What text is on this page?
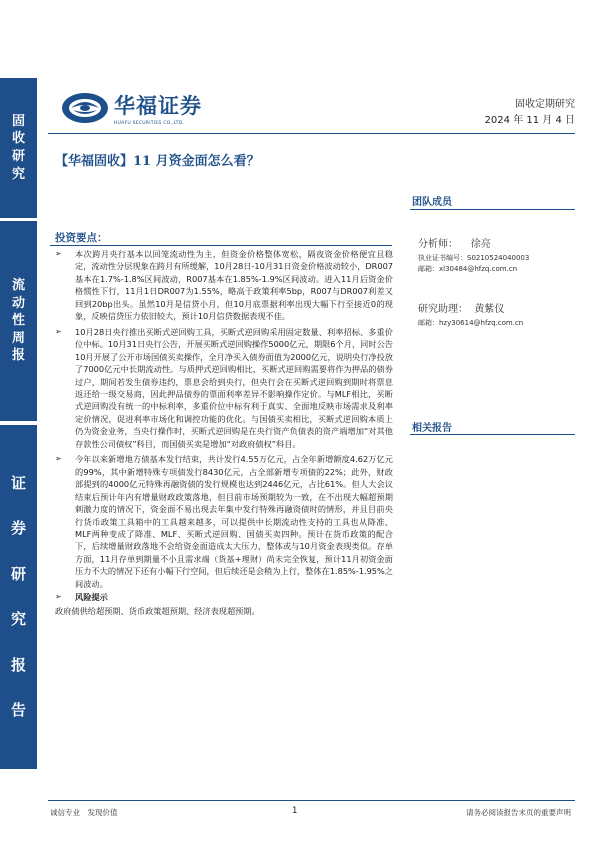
固
收
研
究
流
动
性
周
报
证
券
研
究
报
告
华福证券
HUAFU SECURITIES CO.,LTD.
固收定期研究
2024 年 11 月 4 日
【华福固收】11 月资金面怎么看？
团队成员
分析师： 徐亮
执业证书编号：S0210524040003
邮箱：xl30484@hfzq.com.cn
研究助理： 黄紫仪
邮箱：hzy30614@hfzq.com.cn
相关报告
投资要点：
➢	本次跨月央行基本以回笼流动性为主，但资金价格整体宽松，隔夜资金价格便宜且稳定，流动性分层现象在跨月有所缓解，10月28日-10月31日资金价格波动较小，DR007基本在1.7%-1.8%区间波动，R007基本在1.85%-1.9%区间波动。进入11月后资金价格惯性下行，11月1日DR007为1.55%，略高于政策利率5bp，R007与DR007利差又回到20bp出头。虽然10月是信贷小月，但10月底票据利率出现大幅下行至接近0的现象，反映信贷压力依旧较大，预计10月信贷数据表现不佳。
➢	10月28日央行推出买断式逆回购工具，买断式逆回购采用固定数量、利率招标、多重价位中标。10月31日央行公告，开展买断式逆回购操作5000亿元，期限6个月，同时公告10月开展了公开市场国债买卖操作，全月净买入债券面值为2000亿元，说明央行净投放了7000亿元中长期流动性。与质押式逆回购相比，买断式逆回购需要将作为押品的债券过户，期间若发生债券违约，票息会给到央行，但央行会在买断式逆回购到期时将票息返还给一级交易商，因此押品债券的票面利率差异不影响操作定价。与MLF相比，买断式逆回购没有统一的中标利率，多重价位中标有利于真实、全面地反映市场需求及利率定价情况，促进利率市场化和调控功能的优化。与国债买卖相比，买断式逆回购本质上仍为资金业务，当央行操作时，买断式逆回购是在央行资产负债表的资产端增加“对其他存款性公司债权”科目，而国债买卖是增加“对政府债权”科目。
➢	今年以来新增地方债基本发行结束，共计发行4.55万亿元，占全年新增额度4.62万亿元的99%，其中新增特殊专项债发行8430亿元，占全部新增专项债的22%；此外，财政部提到的4000亿元特殊再融资债的发行规模也达到2446亿元，占比61%。但人大会议结束后预计年内有增量财政政策落地，但目前市场预期较为一致，在不出现大幅超预期刺激力度的情况下，资金面不易出现去年集中发行特殊再融资债时的情形，并且目前央行货币政策工具箱中的工具越来越多，可以提供中长期流动性支持的工具也从降准、MLF两种变成了降准、MLF、买断式逆回购、国债买卖四种。预计在货币政策的配合下，后续增量财政落地不会给资金面造成太大压力，整体或与10月资金表现类似。存单方面，11月存单到期量不小且需求端（货基+理财）尚未完全恢复，预计11月初资金面压力不大的情况下还有小幅下行空间，但后续还是会稍为上行，整体在1.85%-1.95%之间波动。
➢	风险提示
政府债供给超预期、货币政策超预期、经济表现超预期。
诚信专业　发现价值	1	请务必阅读报告末页的重要声明
